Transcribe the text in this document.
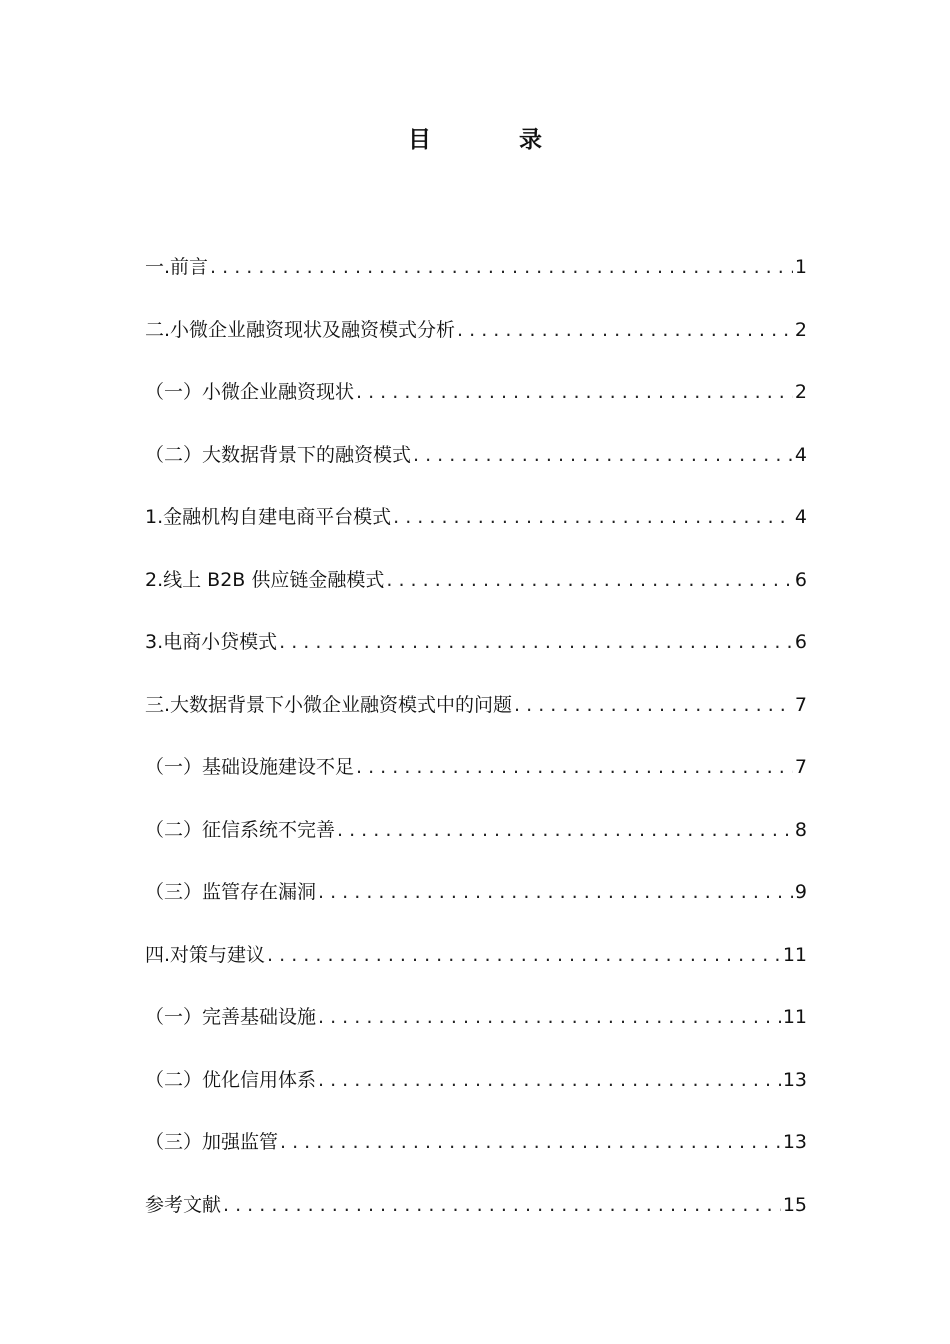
目 录
一.前言 . . .	1
二.小微企业融资现状及融资模式分析 . . .	2
（一）小微企业融资现状 . . .	2
（二）大数据背景下的融资模式 . . .	4
1.金融机构自建电商平台模式 . . .	4
2.线上 B2B 供应链金融模式 . . .	6
3.电商小贷模式 . . .	6
三.大数据背景下小微企业融资模式中的问题 . . .	7
（一）基础设施建设不足 . . .	7
（二）征信系统不完善 . . .	8
（三）监管存在漏洞 . . .	9
四.对策与建议 . . .	11
（一）完善基础设施 . . .	11
（二）优化信用体系 . . .	13
（三）加强监管 . . .	13
参考文献 . . .	15
